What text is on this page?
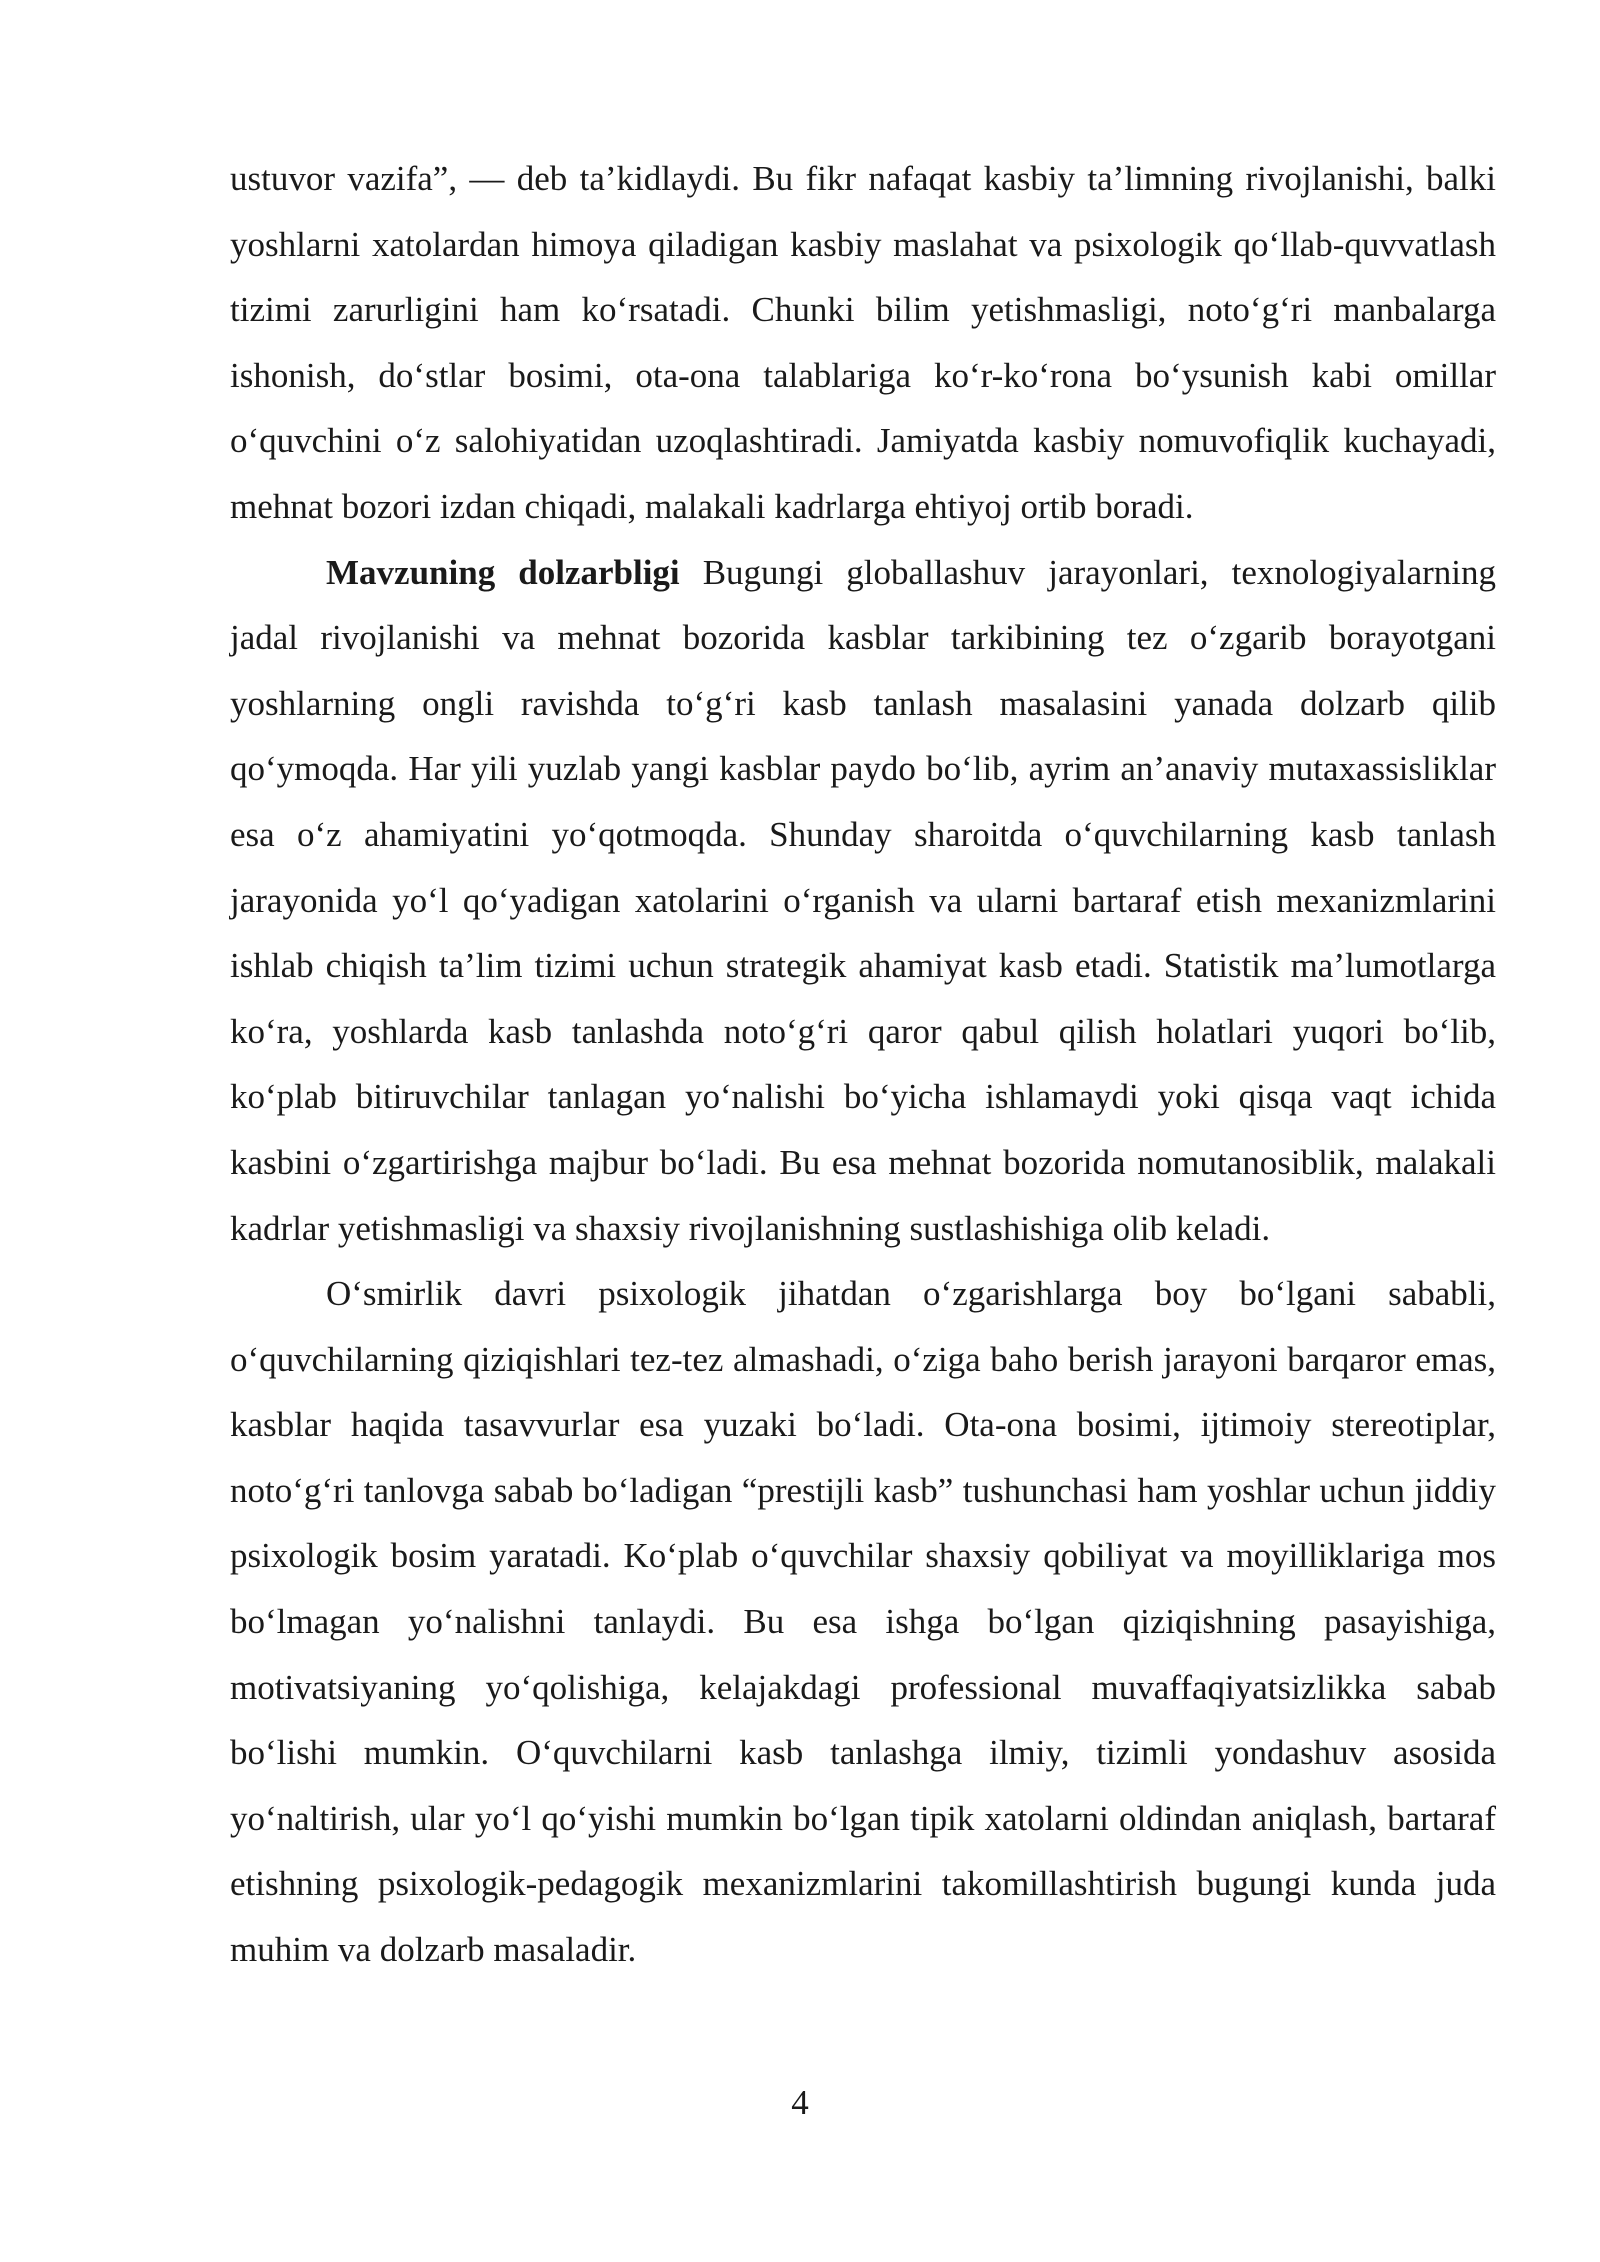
ustuvor vazifa”, — deb ta’kidlaydi. Bu fikr nafaqat kasbiy ta’limning rivojlanishi, balki yoshlarni xatolardan himoya qiladigan kasbiy maslahat va psixologik qo‘llab-quvvatlash tizimi zarurligini ham ko‘rsatadi. Chunki bilim yetishmasligi, noto‘g‘ri manbalarga ishonish, do‘stlar bosimi, ota-ona talablariga ko‘r-ko‘rona bo‘ysunish kabi omillar o‘quvchini o‘z salohiyatidan uzoqlashtiradi. Jamiyatda kasbiy nomuvofiqlik kuchayadi, mehnat bozori izdan chiqadi, malakali kadrlarga ehtiyoj ortib boradi.

Mavzuning dolzarbligi Bugungi globallashuv jarayonlari, texnologiyalarning jadal rivojlanishi va mehnat bozorida kasblar tarkibining tez o‘zgarib borayotgani yoshlarning ongli ravishda to‘g‘ri kasb tanlash masalasini yanada dolzarb qilib qo‘ymoqda. Har yili yuzlab yangi kasblar paydo bo‘lib, ayrim an’anaviy mutaxassisliklar esa o‘z ahamiyatini yo‘qotmoqda. Shunday sharoitda o‘quvchilarning kasb tanlash jarayonida yo‘l qo‘yadigan xatolarini o‘rganish va ularni bartaraf etish mexanizmlarini ishlab chiqish ta’lim tizimi uchun strategik ahamiyat kasb etadi. Statistik ma’lumotlarga ko‘ra, yoshlarda kasb tanlashda noto‘g‘ri qaror qabul qilish holatlari yuqori bo‘lib, ko‘plab bitiruvchilar tanlagan yo‘nalishi bo‘yicha ishlamaydi yoki qisqa vaqt ichida kasbini o‘zgartirishga majbur bo‘ladi. Bu esa mehnat bozorida nomutanosiblik, malakali kadrlar yetishmasligi va shaxsiy rivojlanishning sustlashishiga olib keladi.

O‘smirlik davri psixologik jihatdan o‘zgarishlarga boy bo‘lgani sababli, o‘quvchilarning qiziqishlari tez-tez almashadi, o‘ziga baho berish jarayoni barqaror emas, kasblar haqida tasavvurlar esa yuzaki bo‘ladi. Ota-ona bosimi, ijtimoiy stereotiplar, noto‘g‘ri tanlovga sabab bo‘ladigan “prestijli kasb” tushunchasi ham yoshlar uchun jiddiy psixologik bosim yaratadi. Ko‘plab o‘quvchilar shaxsiy qobiliyat va moyilliklariga mos bo‘lmagan yo‘nalishni tanlaydi. Bu esa ishga bo‘lgan qiziqishning pasayishiga, motivatsiyaning yo‘qolishiga, kelajakdagi professional muvaffaqiyatsizlikka sabab bo‘lishi mumkin. O‘quvchilarni kasb tanlashga ilmiy, tizimli yondashuv asosida yo‘naltirish, ular yo‘l qo‘yishi mumkin bo‘lgan tipik xatolarni oldindan aniqlash, bartaraf etishning psixologik-pedagogik mexanizmlarini takomillashtirish bugungi kunda juda muhim va dolzarb masaladir.

4
